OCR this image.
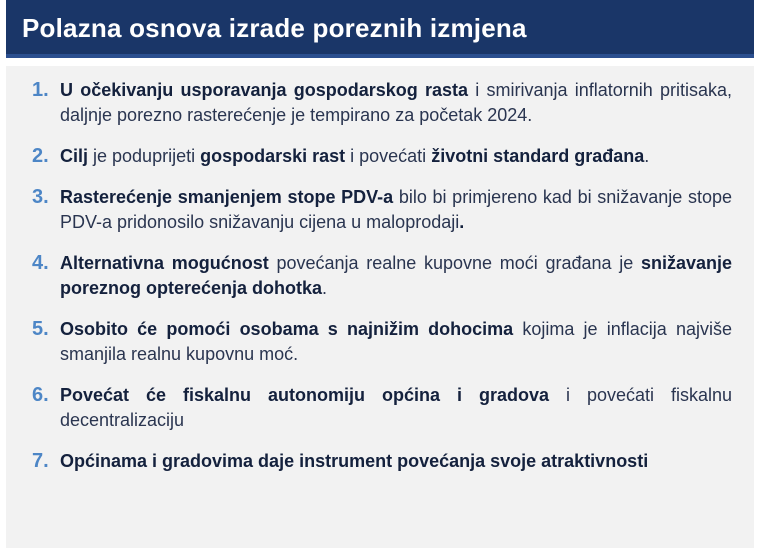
Polazna osnova izrade poreznih izmjena
1. U očekivanju usporavanja gospodarskog rasta i smirivanja inflatornih pritisaka, daljnje porezno rasterećenje je tempirano za početak 2024.
2. Cilj je poduprijeti gospodarski rast i povećati životni standard građana.
3. Rasterećenje smanjenjem stope PDV-a bilo bi primjereno kad bi snižavanje stope PDV-a pridonosilo snižavanju cijena u maloprodaji.
4. Alternativna mogućnost povećanja realne kupovne moći građana je snižavanje poreznog opterećenja dohotka.
5. Osobito će pomoći osobama s najnižim dohocima kojima je inflacija najviše smanjila realnu kupovnu moć.
6. Povećat će fiskalnu autonomiju općina i gradova i povećati fiskalnu decentralizaciju
7. Općinama i gradovima daje instrument povećanja svoje atraktivnosti
